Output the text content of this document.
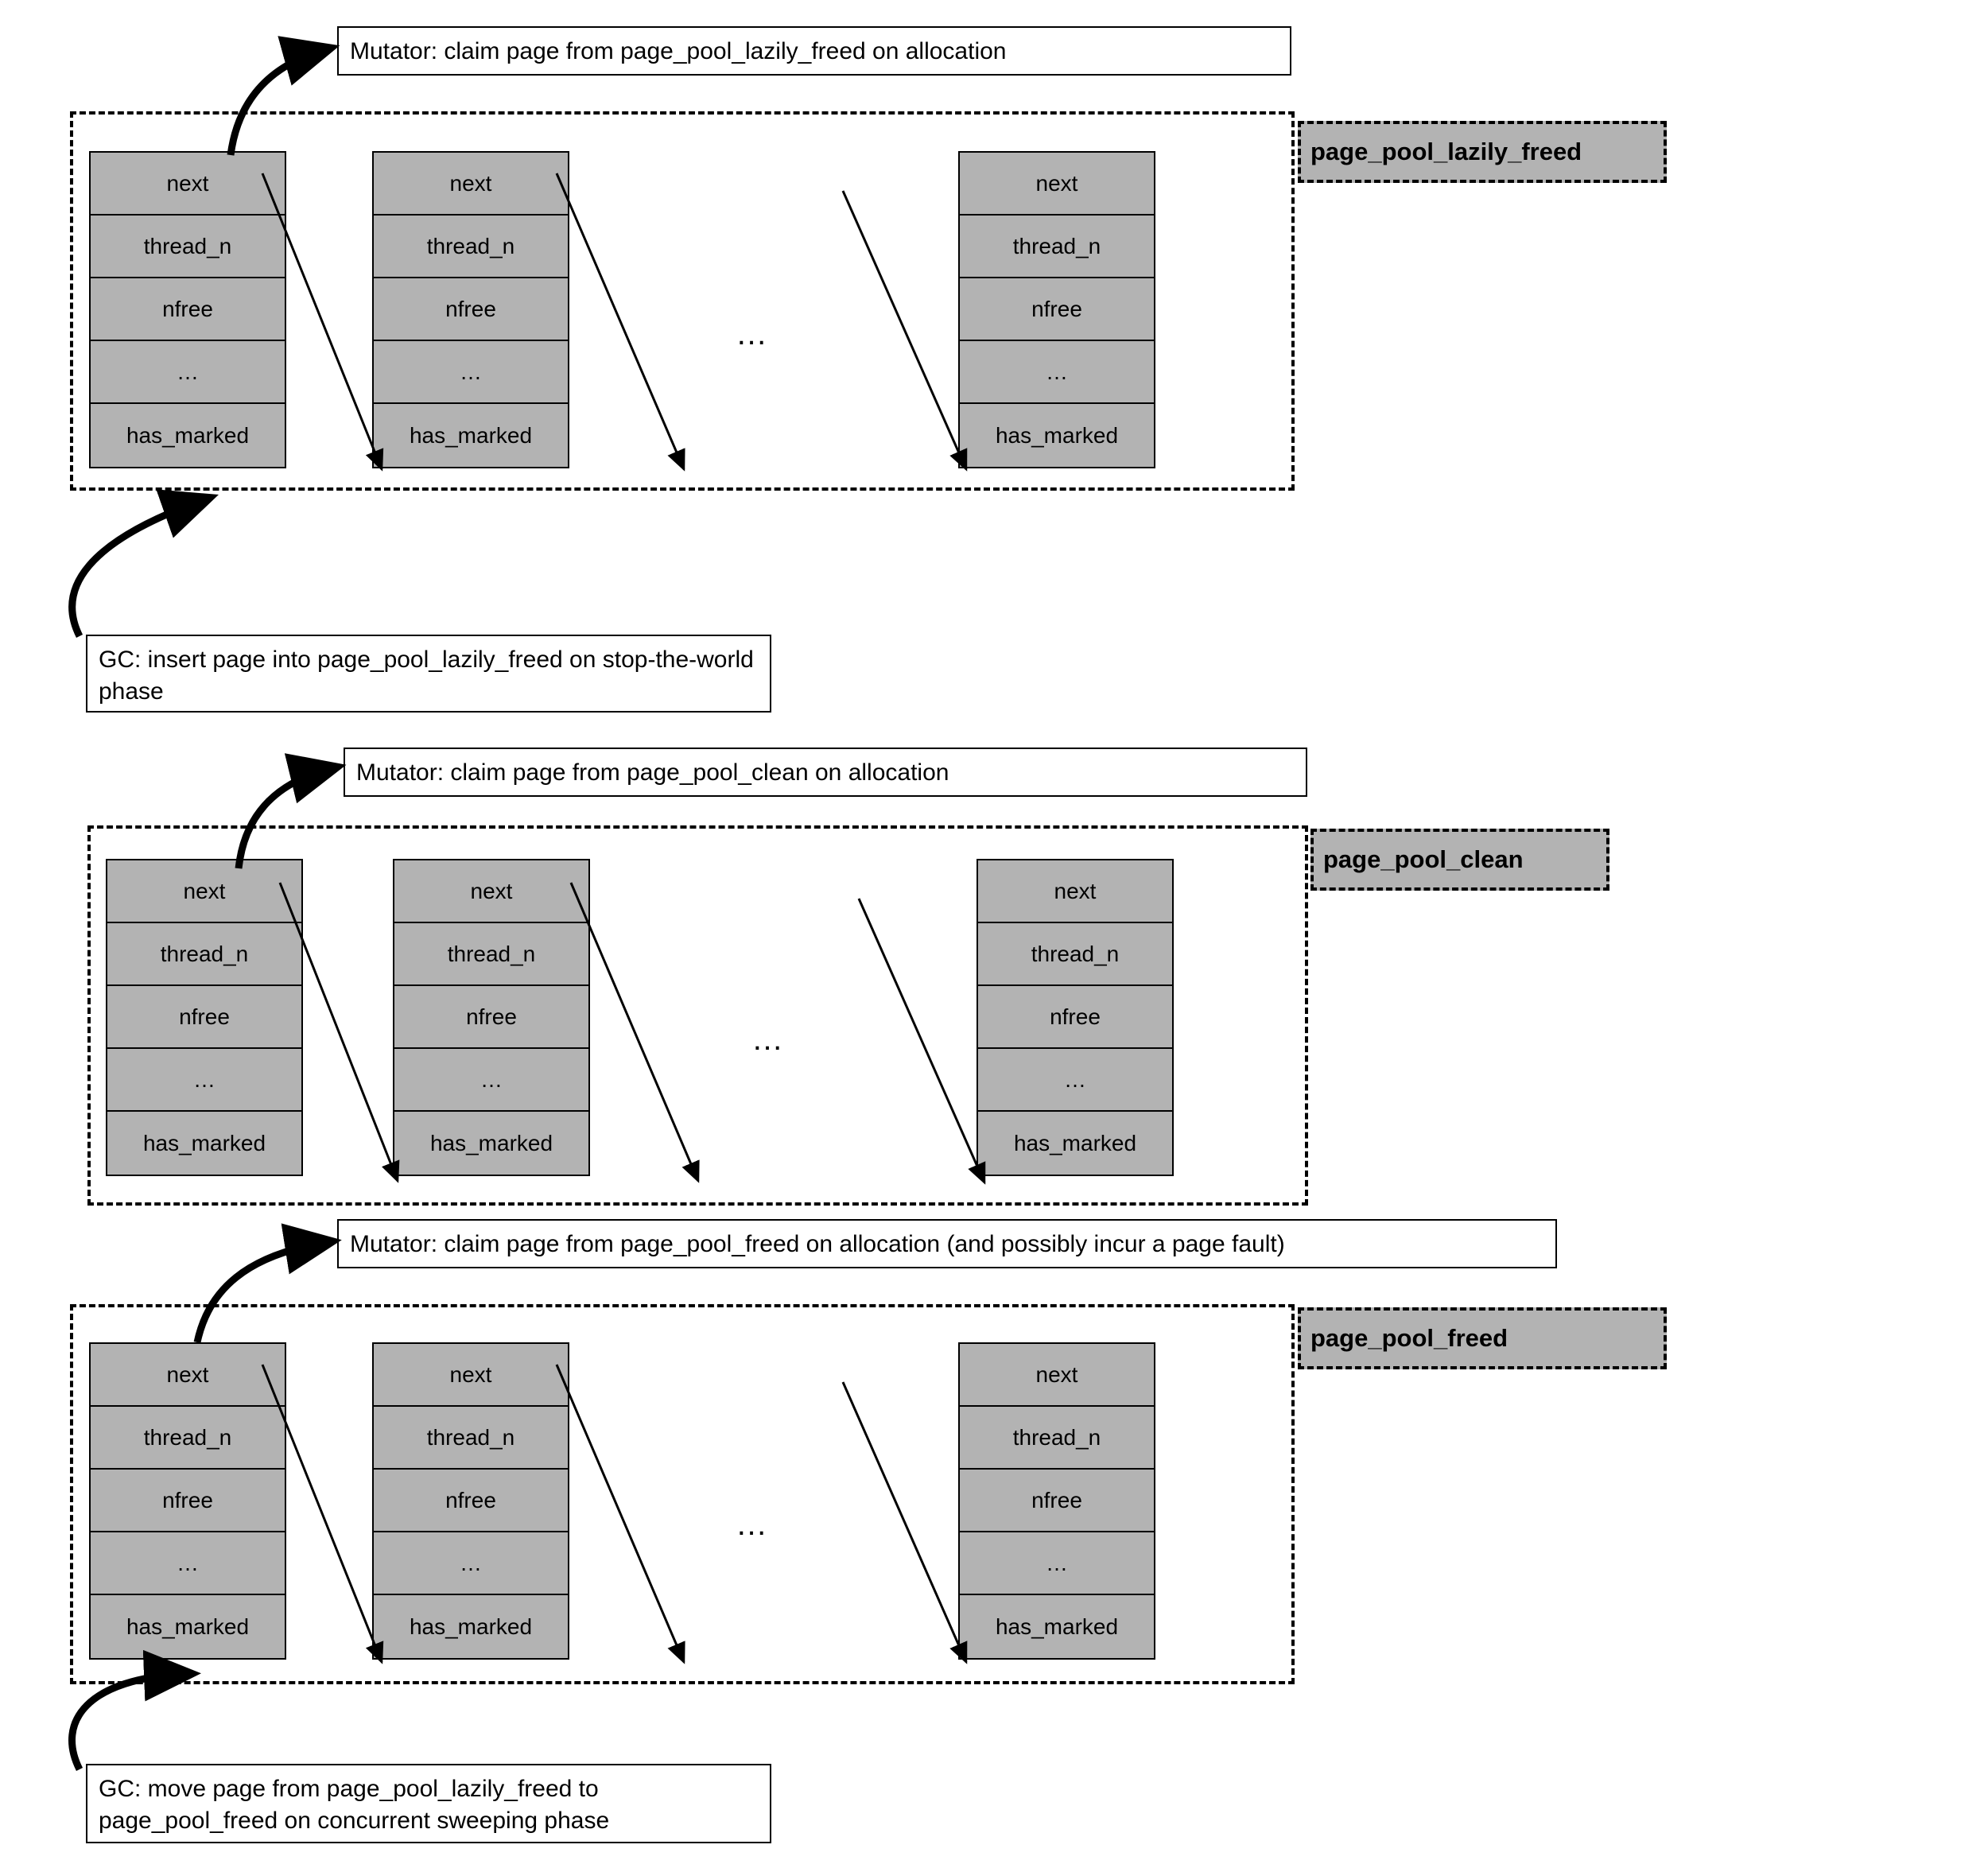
Mutator: claim page from page_pool_lazily_freed on allocation
page_pool_lazily_freed
next
thread_n
nfree
…
has_marked
next
thread_n
nfree
…
has_marked
…
next
thread_n
nfree
…
has_marked
GC: insert page into page_pool_lazily_freed on stop-the-world phase
Mutator: claim page from page_pool_clean on allocation
page_pool_clean
next
thread_n
nfree
…
has_marked
next
thread_n
nfree
…
has_marked
…
next
thread_n
nfree
…
has_marked
Mutator: claim page from page_pool_freed on allocation (and possibly incur a page fault)
page_pool_freed
next
thread_n
nfree
…
has_marked
next
thread_n
nfree
…
has_marked
…
next
thread_n
nfree
…
has_marked
GC: move page from page_pool_lazily_freed to page_pool_freed on concurrent sweeping phase
